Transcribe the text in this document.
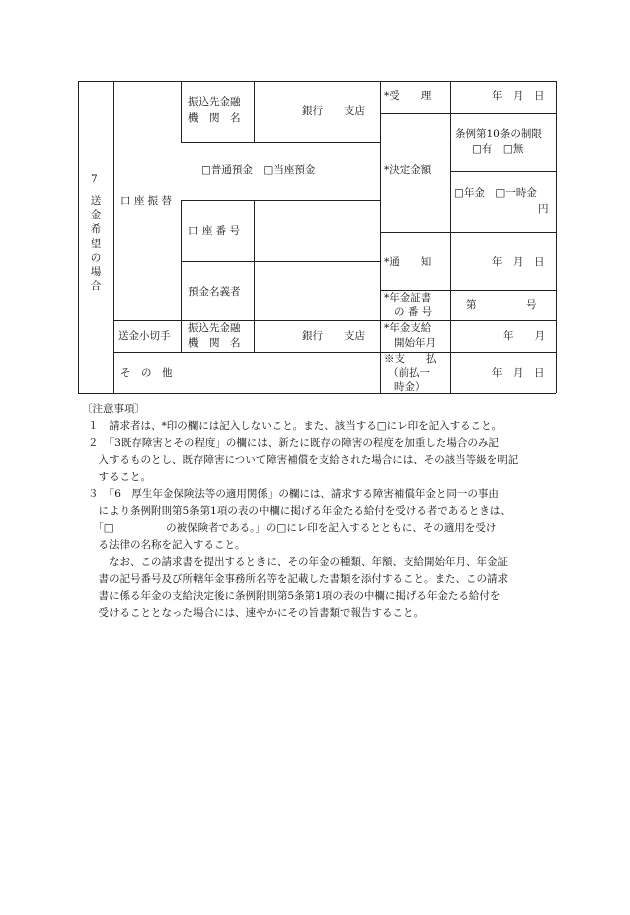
7
送
金
希
望
の
場
合
口 座 振 替
送金小切手
そ　の　他
振込先金融
機　関　名
銀行　　支店
□普通預金　□当座預金
口 座 番 号
預金名義者
振込先金融
機　関　名
銀行　　支店
*受　　理
*決定金額
*通　　知
*年金証書
の 番 号
*年金支給
開始年月
※支　　払
（前払一
時金）
年　月　日
条例第10条の制限
□有　□無
□年金　□一時金
円
年　月　日
第	号
年　　月
年　月　日

〔注意事項〕

１　請求者は、*印の欄には記入しないこと。また、該当する□にレ印を記入すること。

２　「3既存障害とその程度」の欄には、新たに既存の障害の程度を加重した場合のみ記

　入するものとし、既存障害について障害補償を支給された場合には、その該当等級を明記

　すること。

３　「6　厚生年金保険法等の適用関係」の欄には、請求する障害補償年金と同一の事由

　により条例附則第5条第1項の表の中欄に掲げる年金たる給付を受ける者であるときは、

　「□　　　　　の被保険者である。」の□にレ印を記入するとともに、その適用を受け

　る法律の名称を記入すること。

　　なお、この請求書を提出するときに、その年金の種類、年額、支給開始年月、年金証

　書の記号番号及び所轄年金事務所名等を記載した書類を添付すること。また、この請求

　書に係る年金の支給決定後に条例附則第5条第1項の表の中欄に掲げる年金たる給付を

　受けることとなった場合には、速やかにその旨書類で報告すること。
